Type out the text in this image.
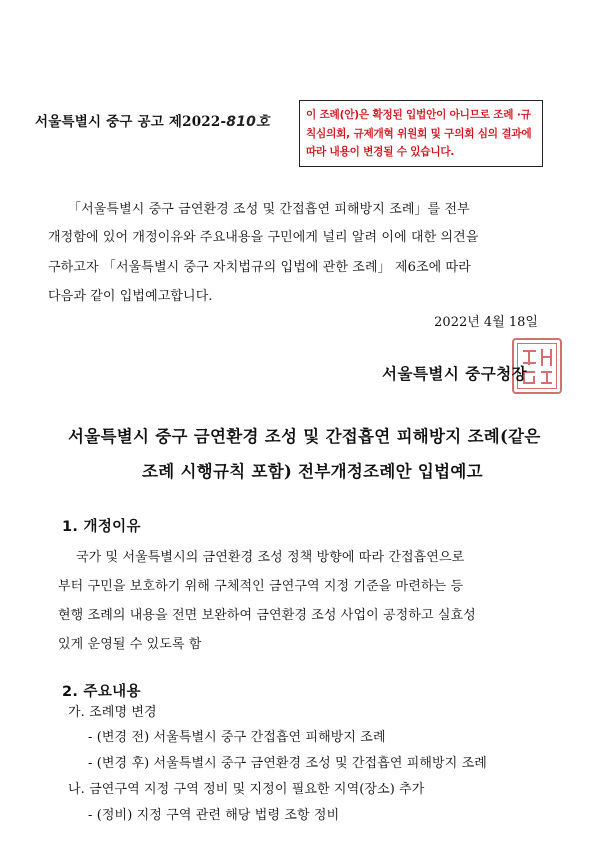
서울특별시 중구 공고 제2022-810호	이 조례(안)은 확정된 입법안이 아니므로 조례 ·규칙심의회, 규제개혁 위원회 및 구의회 심의 결과에 따라 내용이 변경될 수 있습니다.
「서울특별시 중구 금연환경 조성 및 간접흡연 피해방지 조례」를 전부
개정함에 있어 개정이유와 주요내용을 구민에게 널리 알려 이에 대한 의견을
구하고자 「서울특별시 중구 자치법규의 입법에 관한 조례」 제6조에 따라
다음과 같이 입법예고합니다.
2022년 4월 18일
서울특별시 중구청장
서울특별시 중구 금연환경 조성 및 간접흡연 피해방지 조례(같은
조례 시행규칙 포함) 전부개정조례안 입법예고
1. 개정이유
국가 및 서울특별시의 금연환경 조성 정책 방향에 따라 간접흡연으로
부터 구민을 보호하기 위해 구체적인 금연구역 지정 기준을 마련하는 등
현행 조례의 내용을 전면 보완하여 금연환경 조성 사업이 공정하고 실효성
있게 운영될 수 있도록 함
2. 주요내용
가. 조례명 변경
- (변경 전) 서울특별시 중구 간접흡연 피해방지 조례
- (변경 후) 서울특별시 중구 금연환경 조성 및 간접흡연 피해방지 조례
나. 금연구역 지정 구역 정비 및 지정이 필요한 지역(장소) 추가
- (정비) 지정 구역 관련 해당 법령 조항 정비
